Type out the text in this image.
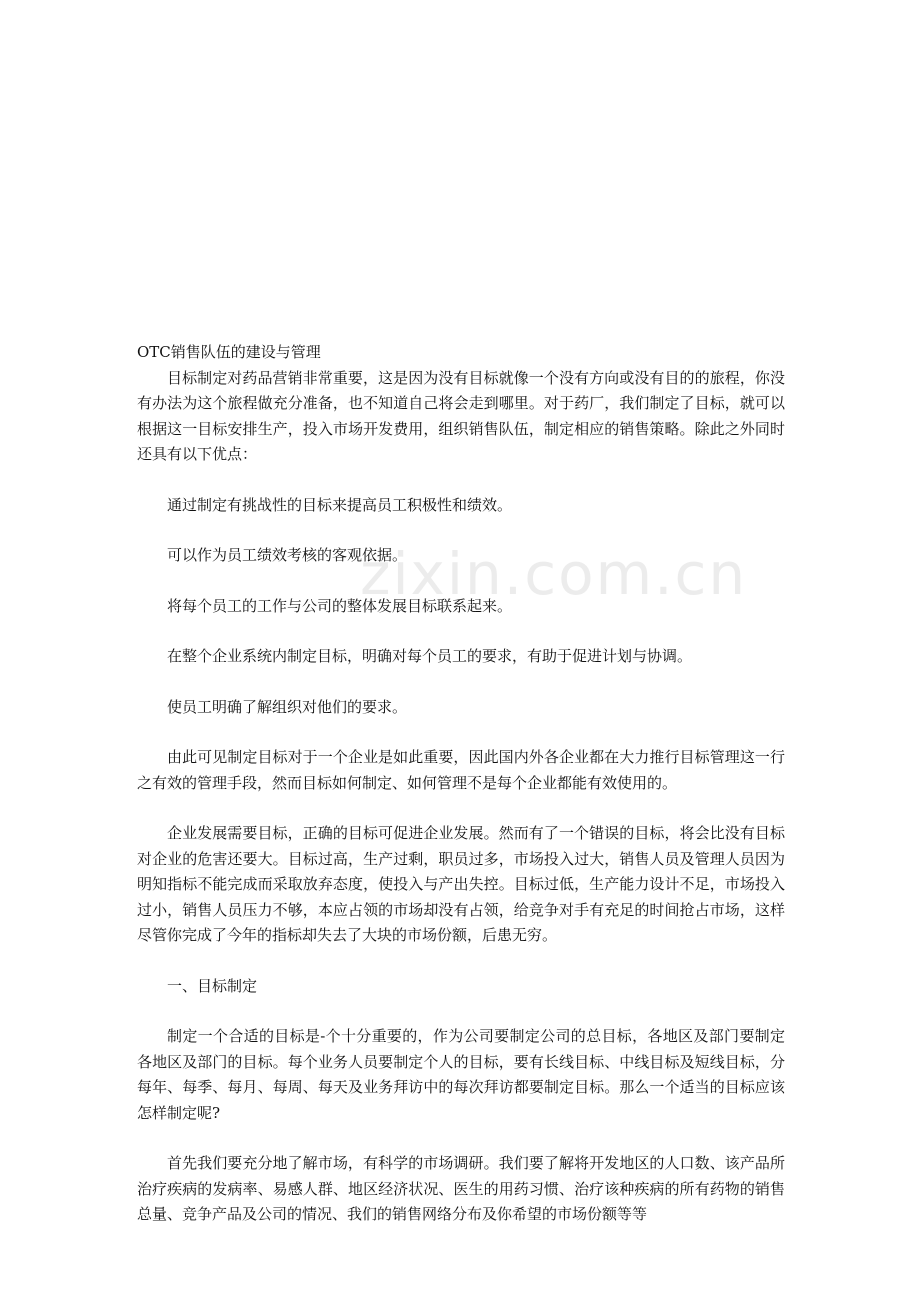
zixin.com.cn
OTC销售队伍的建设与管理

目标制定对药品营销非常重要，这是因为没有目标就像一个没有方向或没有目的的旅程，你没有办法为这个旅程做充分准备，也不知道自己将会走到哪里。对于药厂，我们制定了目标，就可以根据这一目标安排生产，投入市场开发费用，组织销售队伍，制定相应的销售策略。除此之外同时还具有以下优点：

通过制定有挑战性的目标来提高员工积极性和绩效。

可以作为员工绩效考核的客观依据。

将每个员工的工作与公司的整体发展目标联系起来。

在整个企业系统内制定目标，明确对每个员工的要求，有助于促进计划与协调。

使员工明确了解组织对他们的要求。

由此可见制定目标对于一个企业是如此重要，因此国内外各企业都在大力推行目标管理这一行之有效的管理手段，然而目标如何制定、如何管理不是每个企业都能有效使用的。

企业发展需要目标，正确的目标可促进企业发展。然而有了一个错误的目标，将会比没有目标对企业的危害还要大。目标过高，生产过剩，职员过多，市场投入过大，销售人员及管理人员因为明知指标不能完成而采取放弃态度，使投入与产出失控。目标过低，生产能力设计不足，市场投入过小，销售人员压力不够，本应占领的市场却没有占领，给竞争对手有充足的时间抢占市场，这样尽管你完成了今年的指标却失去了大块的市场份额，后患无穷。

一、目标制定

制定一个合适的目标是-个十分重要的，作为公司要制定公司的总目标，各地区及部门要制定各地区及部门的目标。每个业务人员要制定个人的目标，要有长线目标、中线目标及短线目标，分每年、每季、每月、每周、每天及业务拜访中的每次拜访都要制定目标。那么一个适当的目标应该怎样制定呢?

首先我们要充分地了解市场，有科学的市场调研。我们要了解将开发地区的人口数、该产品所治疗疾病的发病率、易感人群、地区经济状况、医生的用药习惯、治疗该种疾病的所有药物的销售总量、竞争产品及公司的情况、我们的销售网络分布及你希望的市场份额等等
